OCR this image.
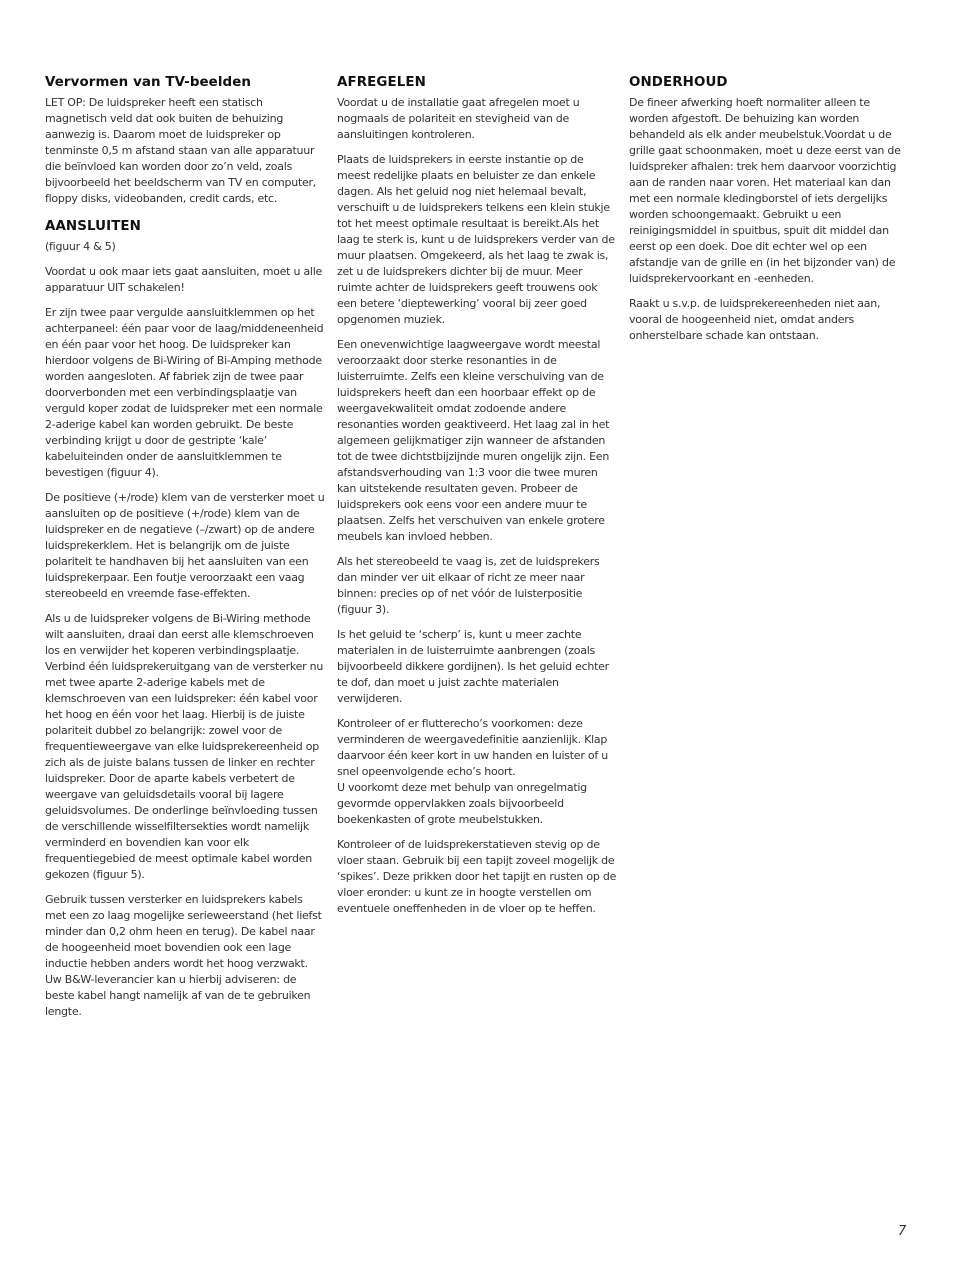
Vervormen van TV-beelden

LET OP: De luidspreker heeft een statisch magnetisch veld dat ook buiten de behuizing aanwezig is. Daarom moet de luidspreker op tenminste 0,5 m afstand staan van alle apparatuur die beïnvloed kan worden door zo’n veld, zoals bijvoorbeeld het beeldscherm van TV en computer, floppy disks, videobanden, credit cards, etc.

AANSLUITEN

(figuur 4 & 5)

Voordat u ook maar iets gaat aansluiten, moet u alle apparatuur UIT schakelen!

Er zijn twee paar vergulde aansluitklemmen op het achterpaneel: één paar voor de laag/middeneenheid en één paar voor het hoog. De luidspreker kan hierdoor volgens de Bi-Wiring of Bi-Amping methode worden aangesloten. Af fabriek zijn de twee paar doorverbonden met een verbindingsplaatje van verguld koper zodat de luidspreker met een normale 2-aderige kabel kan worden gebruikt. De beste verbinding krijgt u door de gestripte ‘kale’ kabeluiteinden onder de aansluitklemmen te bevestigen (figuur 4).

De positieve (+/rode) klem van de versterker moet u aansluiten op de positieve (+/rode) klem van de luidspreker en de negatieve (–/zwart) op de andere luidsprekerklem. Het is belangrijk om de juiste polariteit te handhaven bij het aansluiten van een luidsprekerpaar. Een foutje veroorzaakt een vaag stereobeeld en vreemde fase-effekten.

Als u de luidspreker volgens de Bi-Wiring methode wilt aansluiten, draai dan eerst alle klemschroeven los en verwijder het koperen verbindingsplaatje. Verbind één luidsprekeruitgang van de versterker nu met twee aparte 2-aderige kabels met de klemschroeven van een luidspreker: één kabel voor het hoog en één voor het laag. Hierbij is de juiste polariteit dubbel zo belangrijk: zowel voor de frequentieweergave van elke luidsprekereenheid op zich als de juiste balans tussen de linker en rechter luidspreker. Door de aparte kabels verbetert de weergave van geluidsdetails vooral bij lagere geluidsvolumes. De onderlinge beïnvloeding tussen de verschillende wisselfiltersekties wordt namelijk verminderd en bovendien kan voor elk frequentiegebied de meest optimale kabel worden gekozen (figuur 5).

Gebruik tussen versterker en luidsprekers kabels met een zo laag mogelijke serieweerstand (het liefst minder dan 0,2 ohm heen en terug). De kabel naar de hoogeenheid moet bovendien ook een lage inductie hebben anders wordt het hoog verzwakt. Uw B&W-leverancier kan u hierbij adviseren: de beste kabel hangt namelijk af van de te gebruiken lengte.

AFREGELEN

Voordat u de installatie gaat afregelen moet u nogmaals de polariteit en stevigheid van de aansluitingen kontroleren.

Plaats de luidsprekers in eerste instantie op de meest redelijke plaats en beluister ze dan enkele dagen. Als het geluid nog niet helemaal bevalt, verschuift u de luidsprekers telkens een klein stukje tot het meest optimale resultaat is bereikt.Als het laag te sterk is, kunt u de luidsprekers verder van de muur plaatsen. Omgekeerd, als het laag te zwak is, zet u de luidsprekers dichter bij de muur. Meer ruimte achter de luidsprekers geeft trouwens ook een betere ‘dieptewerking’ vooral bij zeer goed opgenomen muziek.

Een onevenwichtige laagweergave wordt meestal veroorzaakt door sterke resonanties in de luisterruimte. Zelfs een kleine verschuiving van de luidsprekers heeft dan een hoorbaar effekt op de weergavekwaliteit omdat zodoende andere resonanties worden geaktiveerd. Het laag zal in het algemeen gelijkmatiger zijn wanneer de afstanden tot de twee dichtstbijzijnde muren ongelijk zijn. Een afstandsverhouding van 1:3 voor die twee muren kan uitstekende resultaten geven. Probeer de luidsprekers ook eens voor een andere muur te plaatsen. Zelfs het verschuiven van enkele grotere meubels kan invloed hebben.

Als het stereobeeld te vaag is, zet de luidsprekers dan minder ver uit elkaar of richt ze meer naar binnen: precies op of net vóór de luisterpositie (figuur 3).

Is het geluid te ‘scherp’ is, kunt u meer zachte materialen in de luisterruimte aanbrengen (zoals bijvoorbeeld dikkere gordijnen). Is het geluid echter te dof, dan moet u juist zachte materialen verwijderen.

Kontroleer of er flutterecho’s voorkomen: deze verminderen de weergavedefinitie aanzienlijk. Klap daarvoor één keer kort in uw handen en luister of u snel opeenvolgende echo’s hoort.
U voorkomt deze met behulp van onregelmatig gevormde oppervlakken zoals bijvoorbeeld boekenkasten of grote meubelstukken.

Kontroleer of de luidsprekerstatieven stevig op de vloer staan. Gebruik bij een tapijt zoveel mogelijk de ‘spikes’. Deze prikken door het tapijt en rusten op de vloer eronder: u kunt ze in hoogte verstellen om eventuele oneffenheden in de vloer op te heffen.

ONDERHOUD

De fineer afwerking hoeft normaliter alleen te worden afgestoft. De behuizing kan worden behandeld als elk ander meubelstuk.Voordat u de grille gaat schoonmaken, moet u deze eerst van de luidspreker afhalen: trek hem daarvoor voorzichtig aan de randen naar voren. Het materiaal kan dan met een normale kledingborstel of iets dergelijks worden schoongemaakt. Gebruikt u een reinigingsmiddel in spuitbus, spuit dit middel dan eerst op een doek. Doe dit echter wel op een afstandje van de grille en (in het bijzonder van) de luidsprekervoorkant en -eenheden.

Raakt u s.v.p. de luidsprekereenheden niet aan, vooral de hoogeenheid niet, omdat anders onherstelbare schade kan ontstaan.

7
